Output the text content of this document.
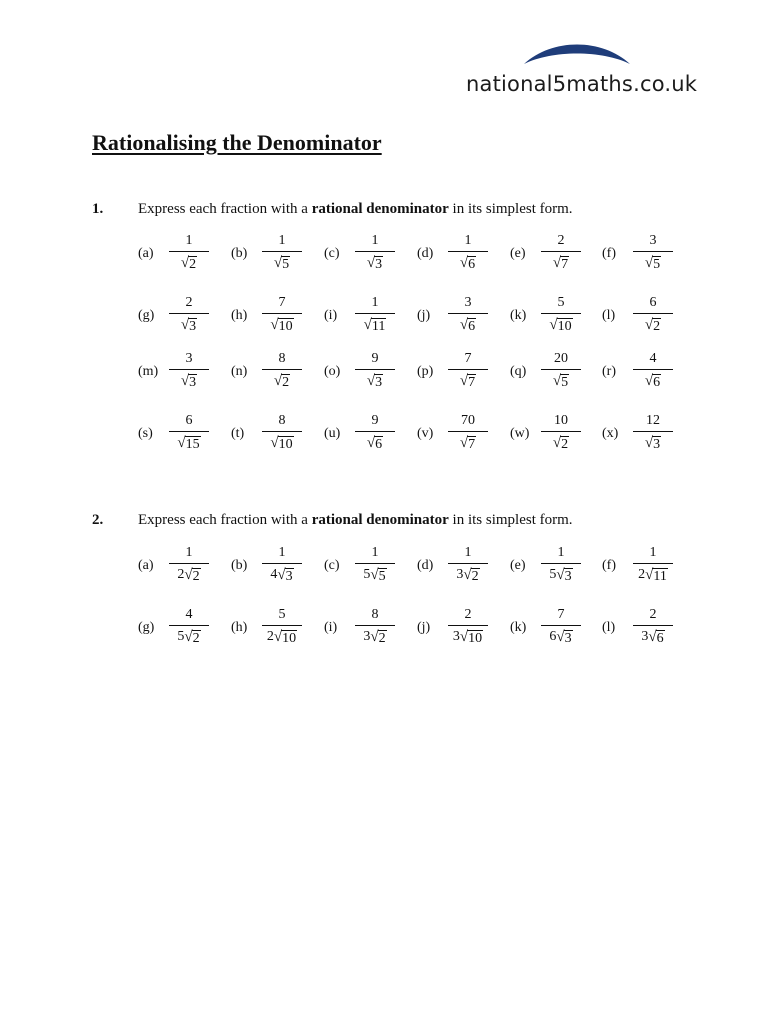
national5maths.co.uk
Rationalising the Denominator
1. Express each fraction with a rational denominator in its simplest form.
(a)
1
√ 2
(b)
1
√ 5
(c)
1
√ 3
(d)
1
√ 6
(e)
2
√ 7
(f)
3
√ 5
(g)
2
√ 3
(h)
7
√ 10
(i)
1
√ 11
(j)
3
√ 6
(k)
5
√ 10
(l)
6
√ 2
(m)
3
√ 3
(n)
8
√ 2
(o)
9
√ 3
(p)
7
√ 7
(q)
20
√ 5
(r)
4
√ 6
(s)
6
√ 15
(t)
8
√ 10
(u)
9
√ 6
(v)
70
√ 7
(w)
10
√ 2
(x)
12
√ 3
2. Express each fraction with a rational denominator in its simplest form.
(a)
1
2 √ 2
(b)
1
4 √ 3
(c)
1
5 √ 5
(d)
1
3 √ 2
(e)
1
5 √ 3
(f)
1
2 √ 11
(g)
4
5 √ 2
(h)
5
2 √ 10
(i)
8
3 √ 2
(j)
2
3 √ 10
(k)
7
6 √ 3
(l)
2
3 √ 6
